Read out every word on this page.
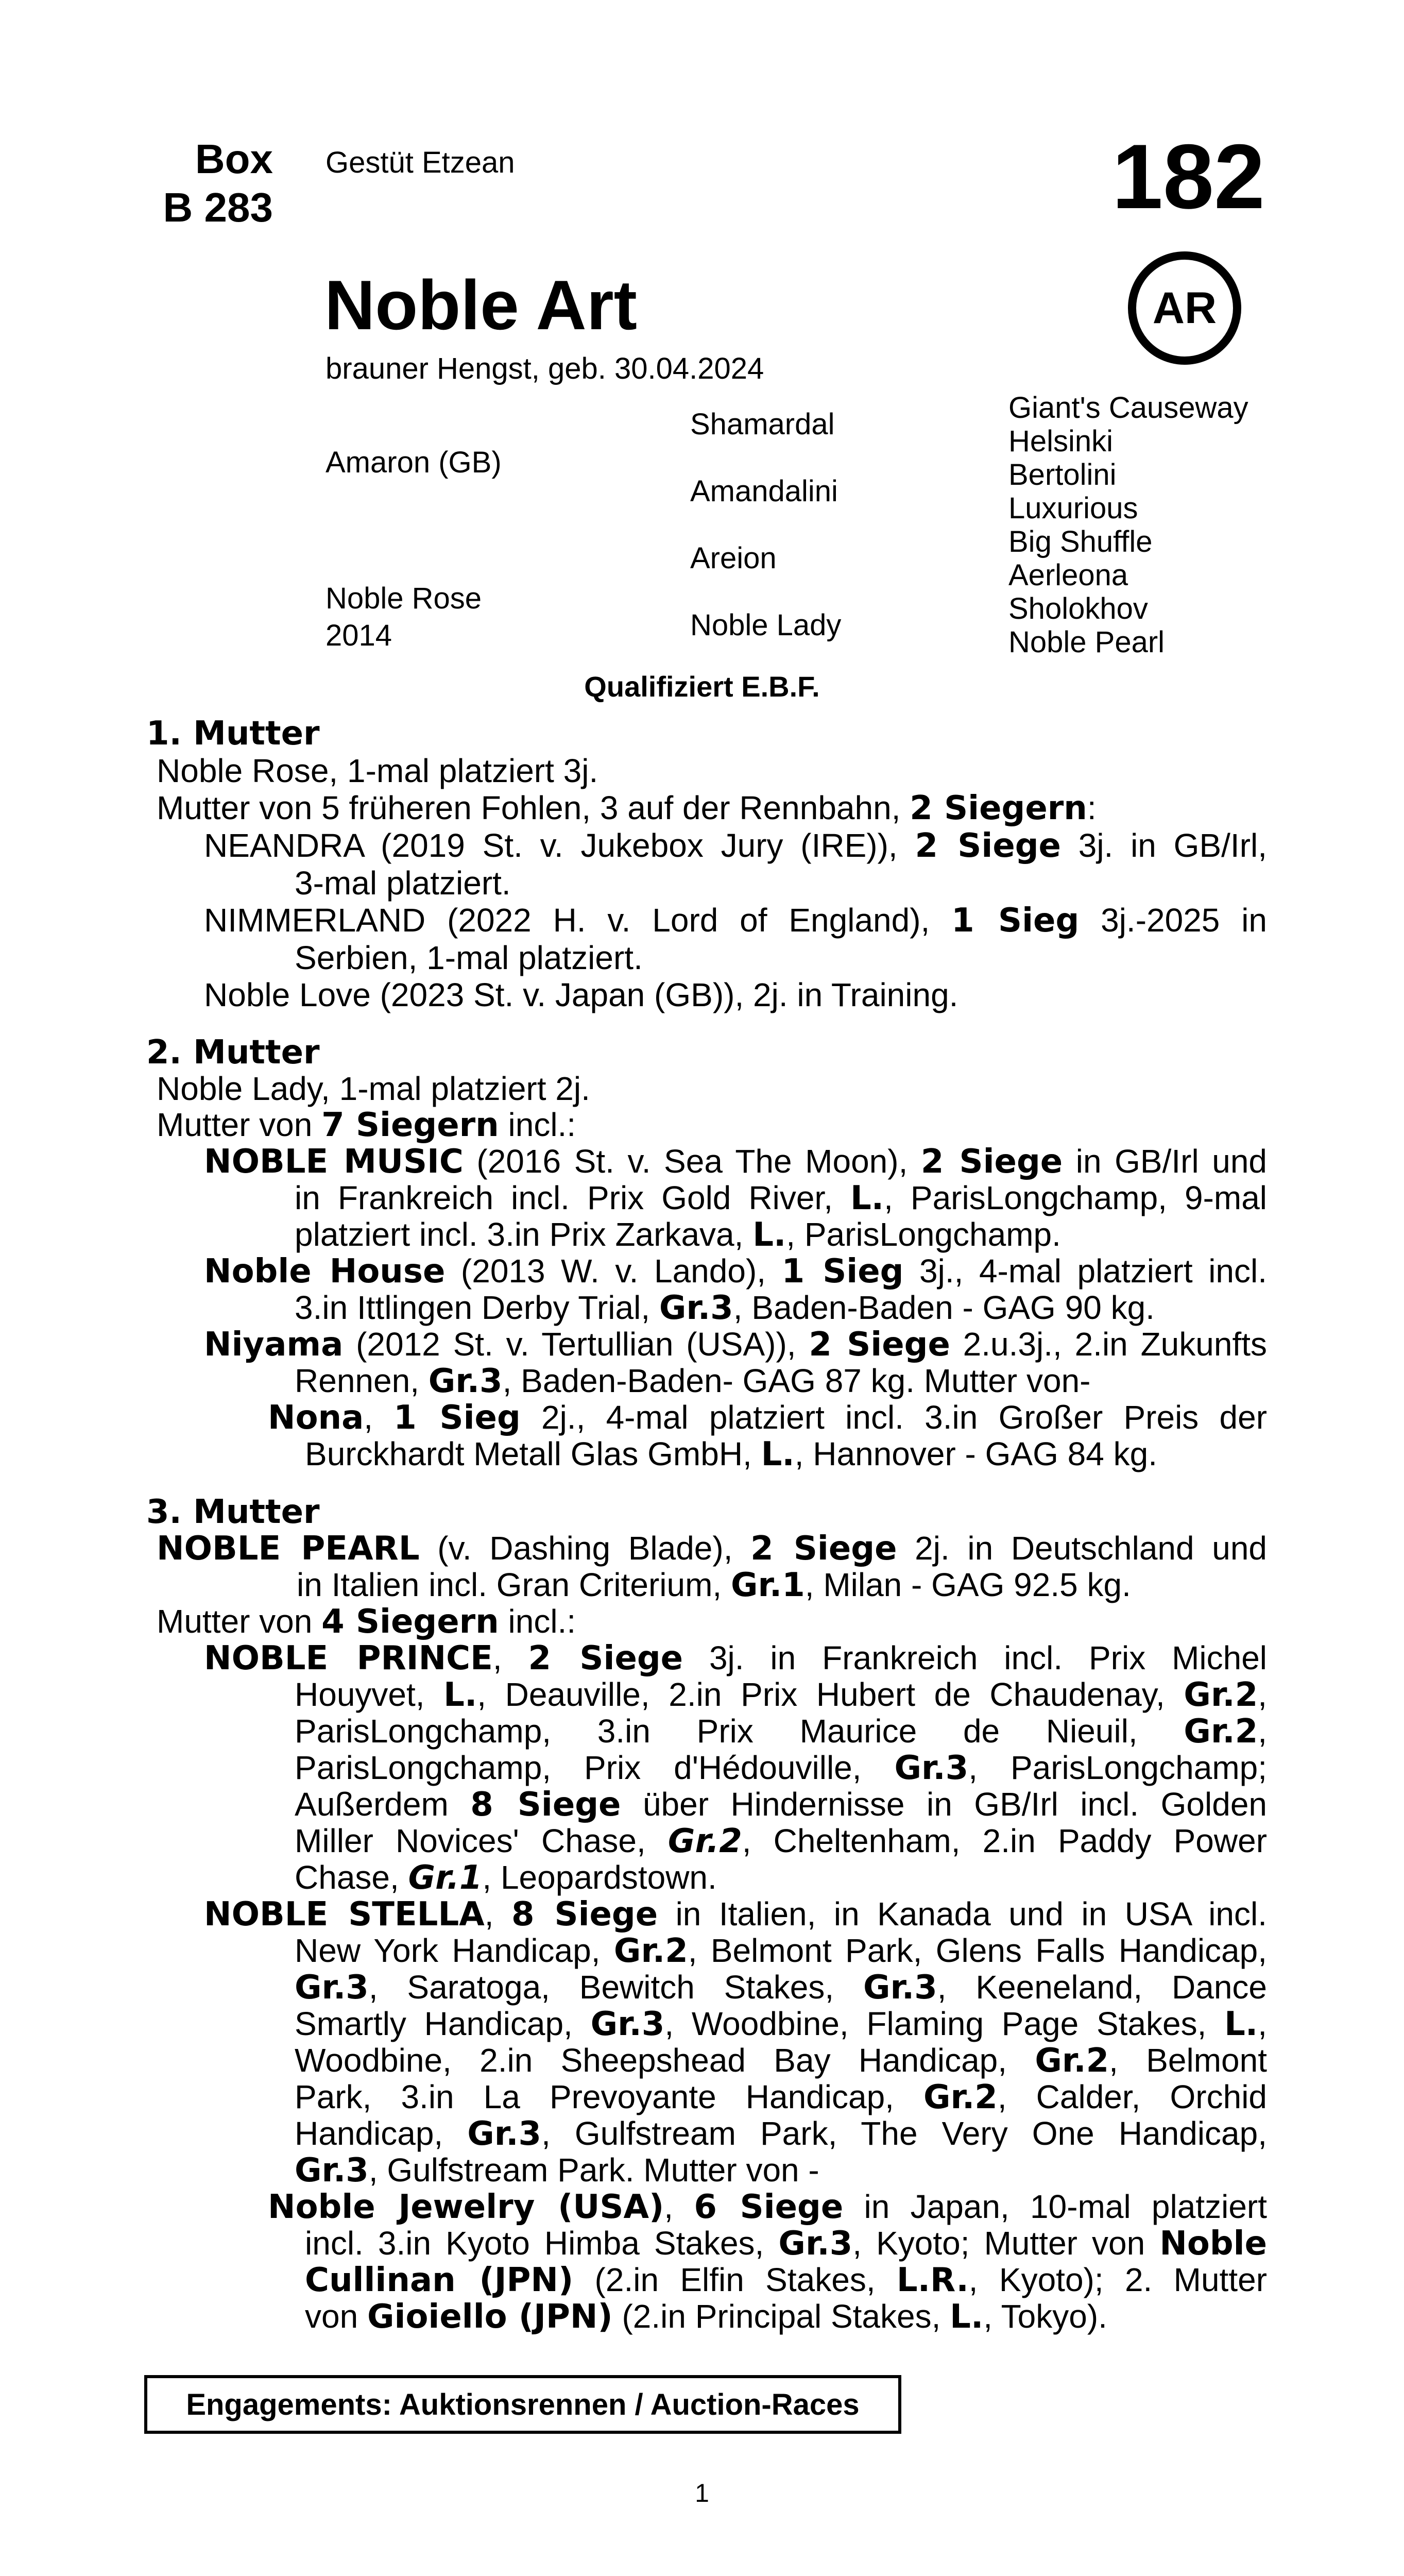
Box
B 283
Gestüt Etzean	182
AR
Noble Art
brauner Hengst, geb. 30.04.2024
Amaron (GB)
Noble Rose
2014
Shamardal
Amandalini
Areion
Noble Lady
Giant's Causeway
Helsinki
Bertolini
Luxurious
Big Shuffle
Aerleona
Sholokhov
Noble Pearl
Qualifiziert E.B.F.
1. Mutter
Noble Rose, 1-mal platziert 3j.
Mutter von 5 früheren Fohlen, 3 auf der Rennbahn, 2 Siegern:
NEANDRA (2019 St. v. Jukebox Jury (IRE)), 2 Siege 3j. in GB/Irl,
3-mal platziert.
NIMMERLAND (2022 H. v. Lord of England), 1 Sieg 3j.-2025 in
Serbien, 1-mal platziert.
Noble Love (2023 St. v. Japan (GB)), 2j. in Training.
2. Mutter
Noble Lady, 1-mal platziert 2j.
Mutter von 7 Siegern incl.:
NOBLE MUSIC (2016 St. v. Sea The Moon), 2 Siege in GB/Irl und
in Frankreich incl. Prix Gold River, L., ParisLongchamp, 9-mal
platziert incl. 3.in Prix Zarkava, L., ParisLongchamp.
Noble House (2013 W. v. Lando), 1 Sieg 3j., 4-mal platziert incl.
3.in Ittlingen Derby Trial, Gr.3, Baden-Baden - GAG 90 kg.
Niyama (2012 St. v. Tertullian (USA)), 2 Siege 2.u.3j., 2.in Zukunfts
Rennen, Gr.3, Baden-Baden- GAG 87 kg. Mutter von-
Nona, 1 Sieg 2j., 4-mal platziert incl. 3.in Großer Preis der
Burckhardt Metall Glas GmbH, L., Hannover - GAG 84 kg.
3. Mutter
NOBLE PEARL (v. Dashing Blade), 2 Siege 2j. in Deutschland und
in Italien incl. Gran Criterium, Gr.1, Milan - GAG 92.5 kg.
Mutter von 4 Siegern incl.:
NOBLE PRINCE, 2 Siege 3j. in Frankreich incl. Prix Michel
Houyvet, L., Deauville, 2.in Prix Hubert de Chaudenay, Gr.2,
ParisLongchamp, 3.in Prix Maurice de Nieuil, Gr.2,
ParisLongchamp, Prix d'Hédouville, Gr.3, ParisLongchamp;
Außerdem 8 Siege über Hindernisse in GB/Irl incl. Golden
Miller Novices' Chase, Gr.2, Cheltenham, 2.in Paddy Power
Chase, Gr.1, Leopardstown.
NOBLE STELLA, 8 Siege in Italien, in Kanada und in USA incl.
New York Handicap, Gr.2, Belmont Park, Glens Falls Handicap,
Gr.3, Saratoga, Bewitch Stakes, Gr.3, Keeneland, Dance
Smartly Handicap, Gr.3, Woodbine, Flaming Page Stakes, L.,
Woodbine, 2.in Sheepshead Bay Handicap, Gr.2, Belmont
Park, 3.in La Prevoyante Handicap, Gr.2, Calder, Orchid
Handicap, Gr.3, Gulfstream Park, The Very One Handicap,
Gr.3, Gulfstream Park. Mutter von -
Noble Jewelry (USA), 6 Siege in Japan, 10-mal platziert
incl. 3.in Kyoto Himba Stakes, Gr.3, Kyoto; Mutter von Noble
Cullinan (JPN) (2.in Elfin Stakes, L.R., Kyoto); 2. Mutter
von Gioiello (JPN) (2.in Principal Stakes, L., Tokyo).
Engagements: Auktionsrennen / Auction-Races
1
